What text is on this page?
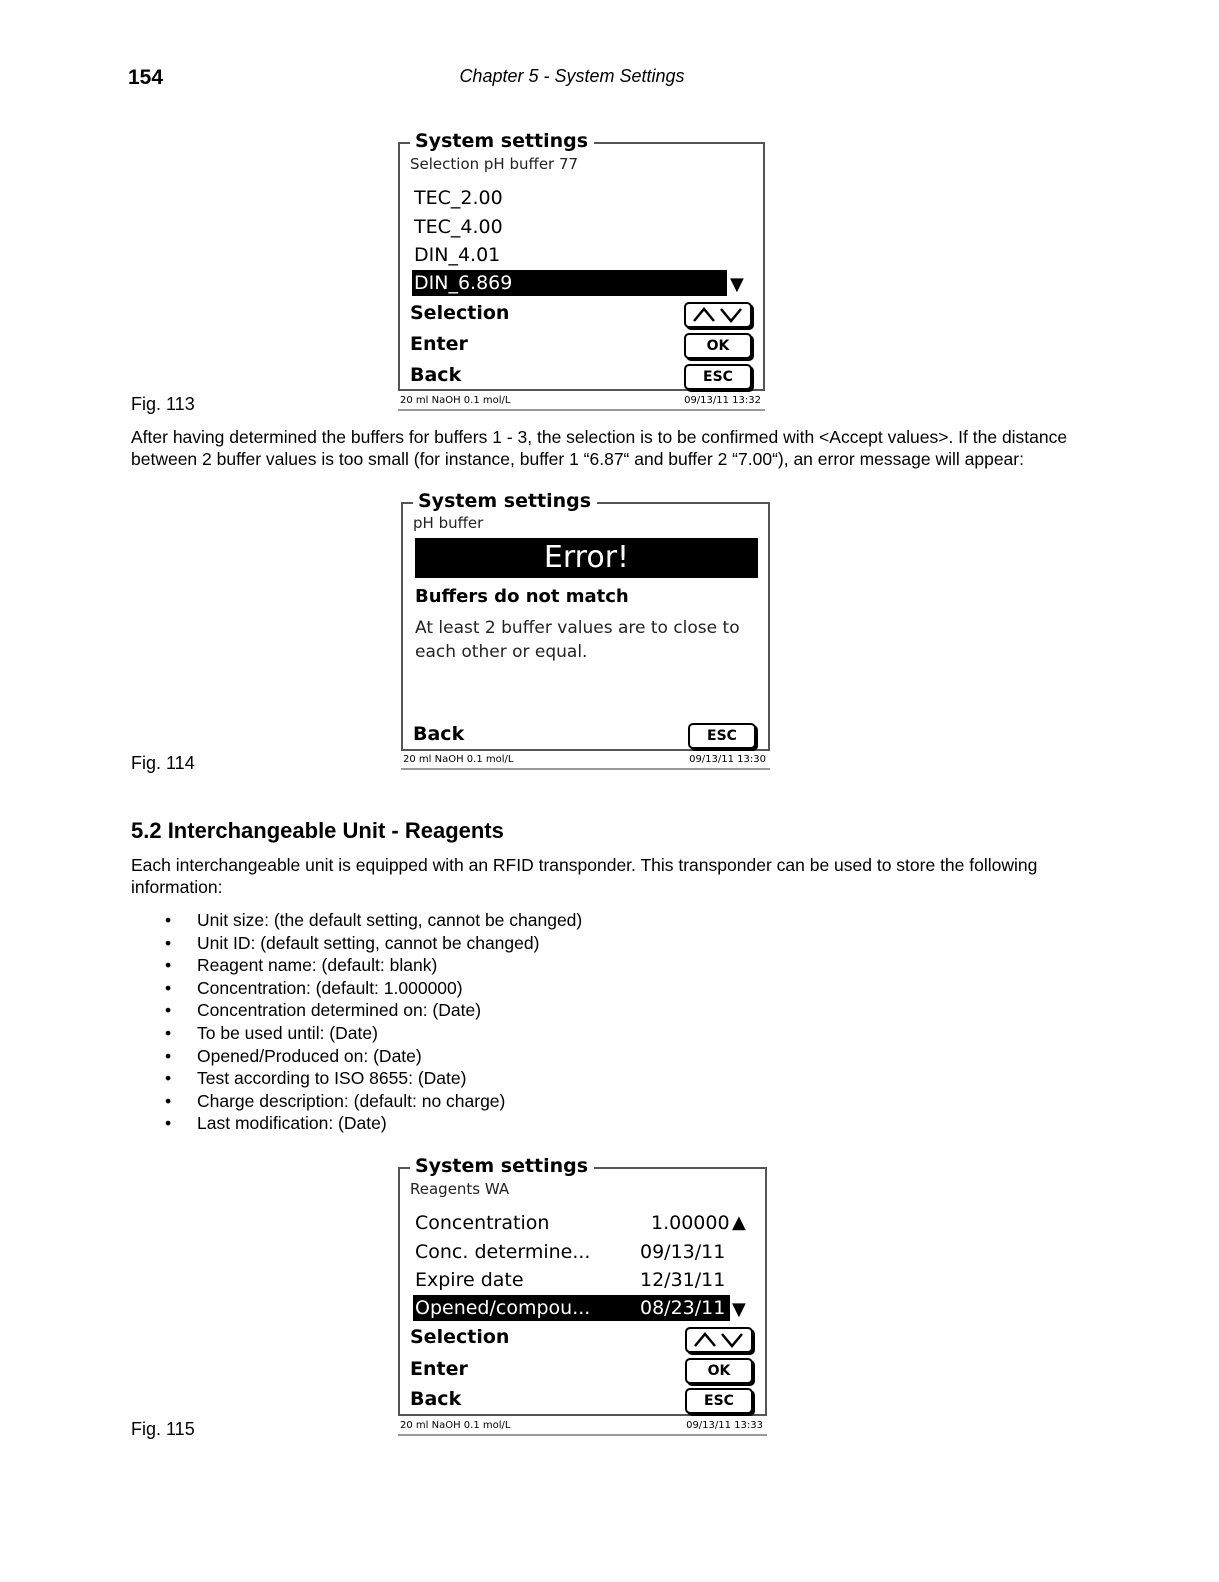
154	Chapter 5 - System Settings
System settings
Selection pH buffer 77
TEC_2.00
TEC_4.00
DIN_4.01
DIN_6.869	▼
Selection
Enter	OK
Back	ESC
20 ml NaOH 0.1 mol/L	09/13/11 13:32
Fig. 113
After having determined the buffers for buffers 1 - 3, the selection is to be confirmed with <Accept values>. If the distance between 2 buffer values is too small (for instance, buffer 1 “6.87“ and buffer 2 “7.00“), an error message will appear:
System settings
pH buffer
Error!
Buffers do not match
At least 2 buffer values are to close to each other or equal.
Back	ESC
20 ml NaOH 0.1 mol/L	09/13/11 13:30
Fig. 114
5.2 Interchangeable Unit - Reagents
Each interchangeable unit is equipped with an RFID transponder. This transponder can be used to store the following information:
• Unit size: (the default setting, cannot be changed)
• Unit ID: (default setting, cannot be changed)
• Reagent name: (default: blank)
• Concentration: (default: 1.000000)
• Concentration determined on: (Date)
• To be used until: (Date)
• Opened/Produced on: (Date)
• Test according to ISO 8655: (Date)
• Charge description: (default: no charge)
• Last modification: (Date)
System settings
Reagents WA
Concentration	1.00000 ▲
Conc. determine...	09/13/11
Expire date	12/31/11
Opened/compou...	08/23/11 ▼
Selection
Enter	OK
Back	ESC
20 ml NaOH 0.1 mol/L	09/13/11 13:33
Fig. 115
